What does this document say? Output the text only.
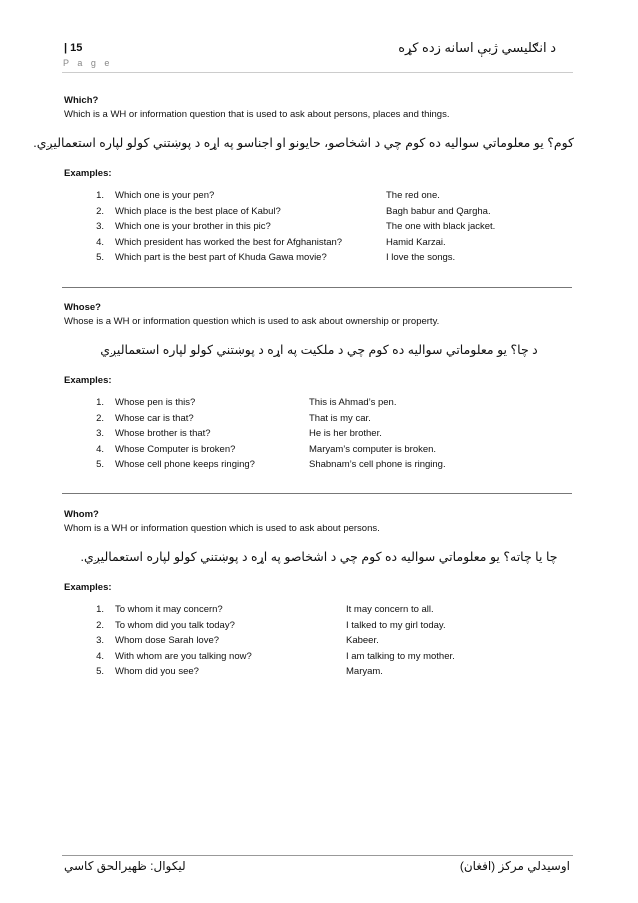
| 15
P a g e
د انګلیسي ژبې اسانه زده کړه
Which?
Which is a WH or information question that is used to ask about persons, places and things.
کوم؟ یو معلوماتي سوالیه ده کوم چي د اشخاصو، حایونو او اجناسو په اړه د پوښتني کولو لپاره استعمالیږي.
Examples:
1. Which one is your pen?	The red one.
2. Which place is the best place of Kabul?	Bagh babur and Qargha.
3. Which one is your brother in this pic?	The one with black jacket.
4. Which president has worked the best for Afghanistan?	Hamid Karzai.
5. Which part is the best part of Khuda Gawa movie?	I love the songs.
Whose?
Whose is a WH or information question which is used to ask about ownership or property.
د چا؟ یو معلوماتي سوالیه ده کوم چي د ملکیت په اړه د پوښتني کولو لپاره استعمالیږي
Examples:
1. Whose pen is this?	This is Ahmad’s pen.
2. Whose car is that?	That is my car.
3. Whose brother is that?	He is her brother.
4. Whose Computer is broken?	Maryam’s computer is broken.
5. Whose cell phone keeps ringing?	Shabnam’s cell phone is ringing.
Whom?
Whom is a WH or information question which is used to ask about persons.
چا یا چاته؟ یو معلوماتي سوالیه ده کوم چي د اشخاصو په اړه د پوښتني کولو لپاره استعمالیږي.
Examples:
1. To whom it may concern?	It may concern to all.
2. To whom did you talk today?	I talked to my girl today.
3. Whom dose Sarah love?	Kabeer.
4. With whom are you talking now?	I am talking to my mother.
5. Whom did you see?	Maryam.
لیکوال: ظهیرالحق کاسي	اوسیدلي مرکز (افغان)
